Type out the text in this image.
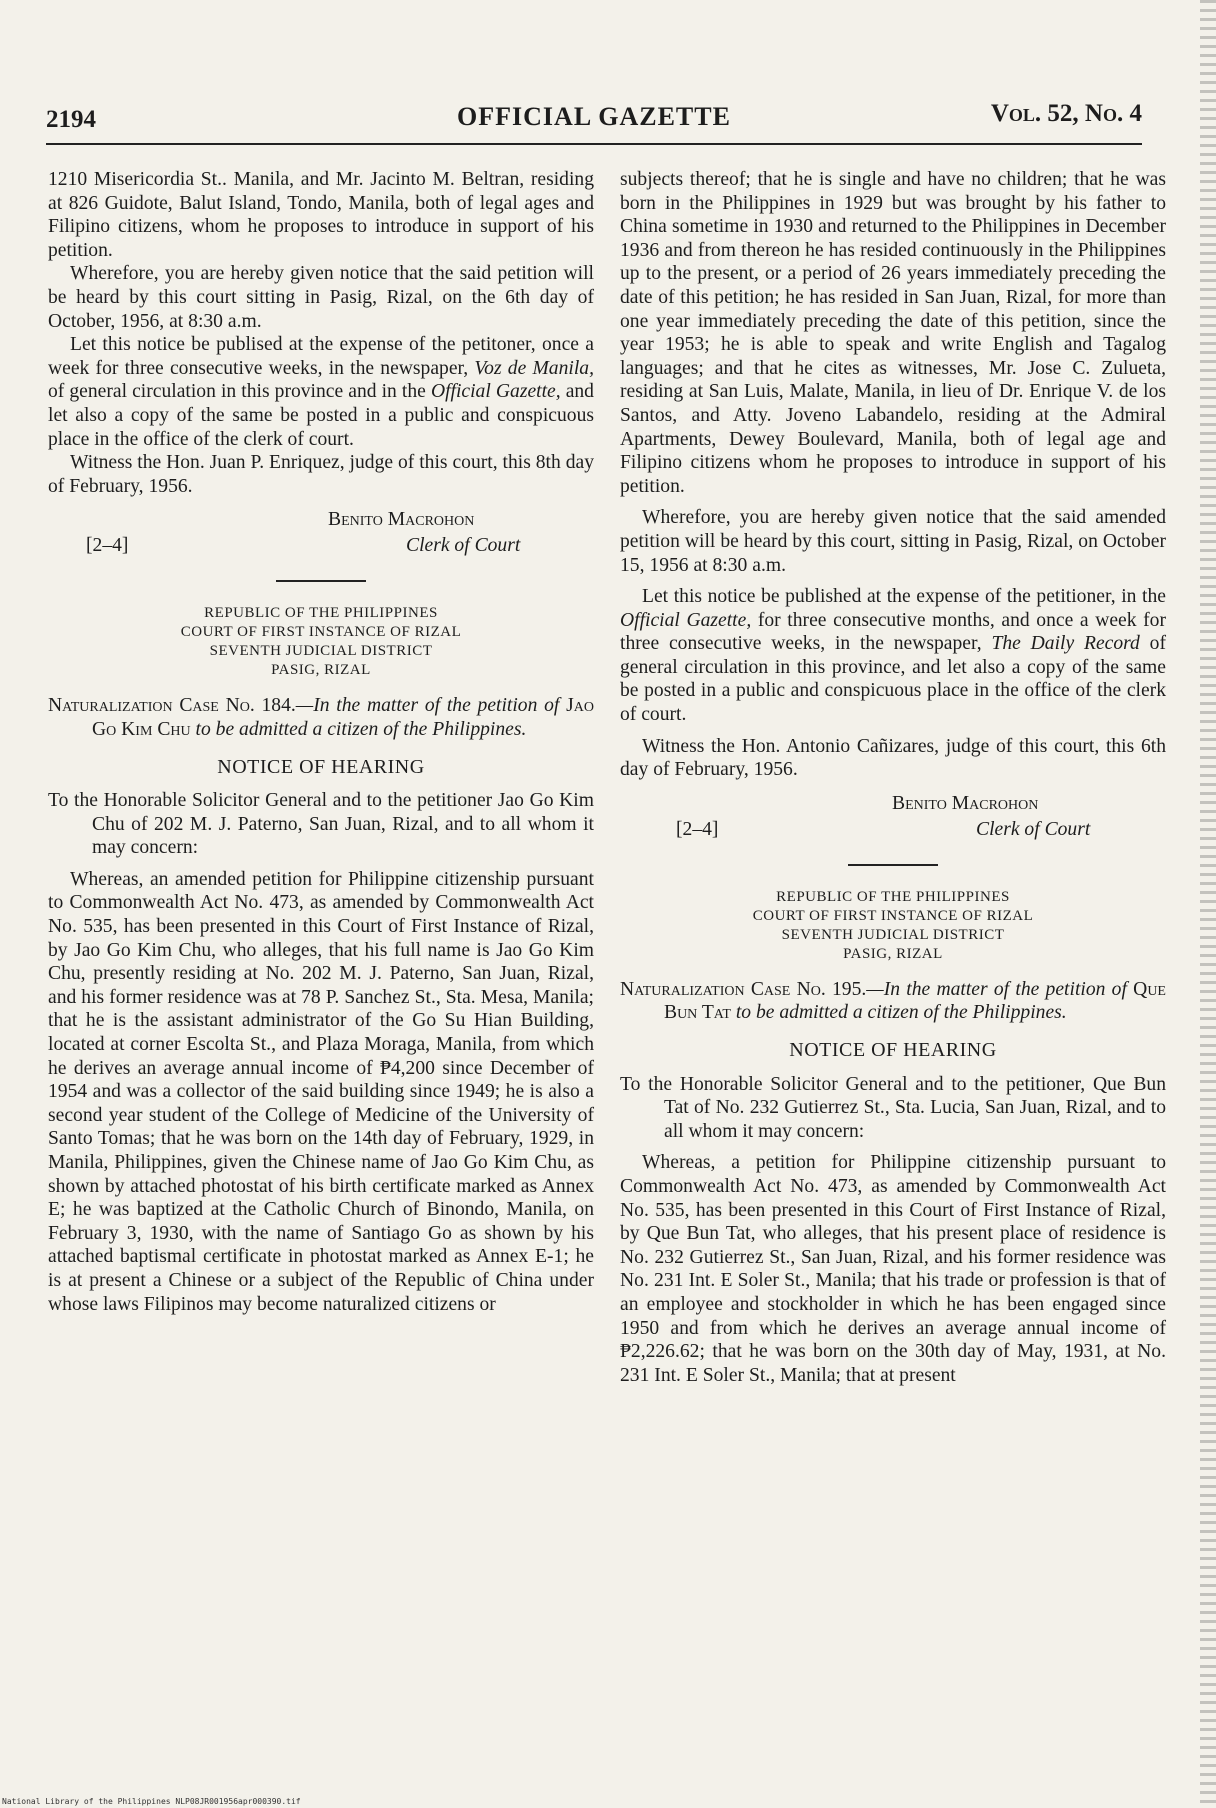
2194	OFFICIAL GAZETTE	Vol. 52, No. 4

1210 Misericordia St.. Manila, and Mr. Jacinto M. Beltran, residing at 826 Guidote, Balut Island, Tondo, Manila, both of legal ages and Filipino citizens, whom he proposes to introduce in support of his petition.

Wherefore, you are hereby given notice that the said petition will be heard by this court sitting in Pasig, Rizal, on the 6th day of October, 1956, at 8:30 a.m.

Let this notice be publised at the expense of the petitoner, once a week for three consecutive weeks, in the newspaper, Voz de Manila, of general circulation in this province and in the Official Gazette, and let also a copy of the same be posted in a public and conspicuous place in the office of the clerk of court.

Witness the Hon. Juan P. Enriquez, judge of this court, this 8th day of February, 1956.

[2–4]
Benito Macrohon
Clerk of Court
REPUBLIC OF THE PHILIPPINES
COURT OF FIRST INSTANCE OF RIZAL
SEVENTH JUDICIAL DISTRICT
PASIG, RIZAL

Naturalization Case No. 184.—In the matter of the petition of Jao Go Kim Chu to be admitted a citizen of the Philippines.

NOTICE OF HEARING

To the Honorable Solicitor General and to the petitioner Jao Go Kim Chu of 202 M. J. Paterno, San Juan, Rizal, and to all whom it may concern:

Whereas, an amended petition for Philippine citizenship pursuant to Commonwealth Act No. 473, as amended by Commonwealth Act No. 535, has been presented in this Court of First Instance of Rizal, by Jao Go Kim Chu, who alleges, that his full name is Jao Go Kim Chu, presently residing at No. 202 M. J. Paterno, San Juan, Rizal, and his former residence was at 78 P. Sanchez St., Sta. Mesa, Manila; that he is the assistant administrator of the Go Su Hian Building, located at corner Escolta St., and Plaza Moraga, Manila, from which he derives an average annual income of ₱4,200 since December of 1954 and was a collector of the said building since 1949; he is also a second year student of the College of Medicine of the University of Santo Tomas; that he was born on the 14th day of February, 1929, in Manila, Philippines, given the Chinese name of Jao Go Kim Chu, as shown by attached photostat of his birth certificate marked as Annex E; he was baptized at the Catholic Church of Binondo, Manila, on February 3, 1930, with the name of Santiago Go as shown by his attached baptismal certificate in photostat marked as Annex E-1; he is at present a Chinese or a subject of the Republic of China under whose laws Filipinos may become naturalized citizens or

subjects thereof; that he is single and have no children; that he was born in the Philippines in 1929 but was brought by his father to China sometime in 1930 and returned to the Philippines in December 1936 and from thereon he has resided continuously in the Philippines up to the present, or a period of 26 years immediately preceding the date of this petition; he has resided in San Juan, Rizal, for more than one year immediately preceding the date of this petition, since the year 1953; he is able to speak and write English and Tagalog languages; and that he cites as witnesses, Mr. Jose C. Zulueta, residing at San Luis, Malate, Manila, in lieu of Dr. Enrique V. de los Santos, and Atty. Joveno Labandelo, residing at the Admiral Apartments, Dewey Boulevard, Manila, both of legal age and Filipino citizens whom he proposes to introduce in support of his petition.

Wherefore, you are hereby given notice that the said amended petition will be heard by this court, sitting in Pasig, Rizal, on October 15, 1956 at 8:30 a.m.

Let this notice be published at the expense of the petitioner, in the Official Gazette, for three consecutive months, and once a week for three consecutive weeks, in the newspaper, The Daily Record of general circulation in this province, and let also a copy of the same be posted in a public and conspicuous place in the office of the clerk of court.

Witness the Hon. Antonio Cañizares, judge of this court, this 6th day of February, 1956.

[2–4]
Benito Macrohon
Clerk of Court
REPUBLIC OF THE PHILIPPINES
COURT OF FIRST INSTANCE OF RIZAL
SEVENTH JUDICIAL DISTRICT
PASIG, RIZAL

Naturalization Case No. 195.—In the matter of the petition of Que Bun Tat to be admitted a citizen of the Philippines.

NOTICE OF HEARING

To the Honorable Solicitor General and to the petitioner, Que Bun Tat of No. 232 Gutierrez St., Sta. Lucia, San Juan, Rizal, and to all whom it may concern:

Whereas, a petition for Philippine citizenship pursuant to Commonwealth Act No. 473, as amended by Commonwealth Act No. 535, has been presented in this Court of First Instance of Rizal, by Que Bun Tat, who alleges, that his present place of residence is No. 232 Gutierrez St., San Juan, Rizal, and his former residence was No. 231 Int. E Soler St., Manila; that his trade or profession is that of an employee and stockholder in which he has been engaged since 1950 and from which he derives an average annual income of ₱2,226.62; that he was born on the 30th day of May, 1931, at No. 231 Int. E Soler St., Manila; that at present

National Library of the Philippines NLP08JR001956apr000390.tif
